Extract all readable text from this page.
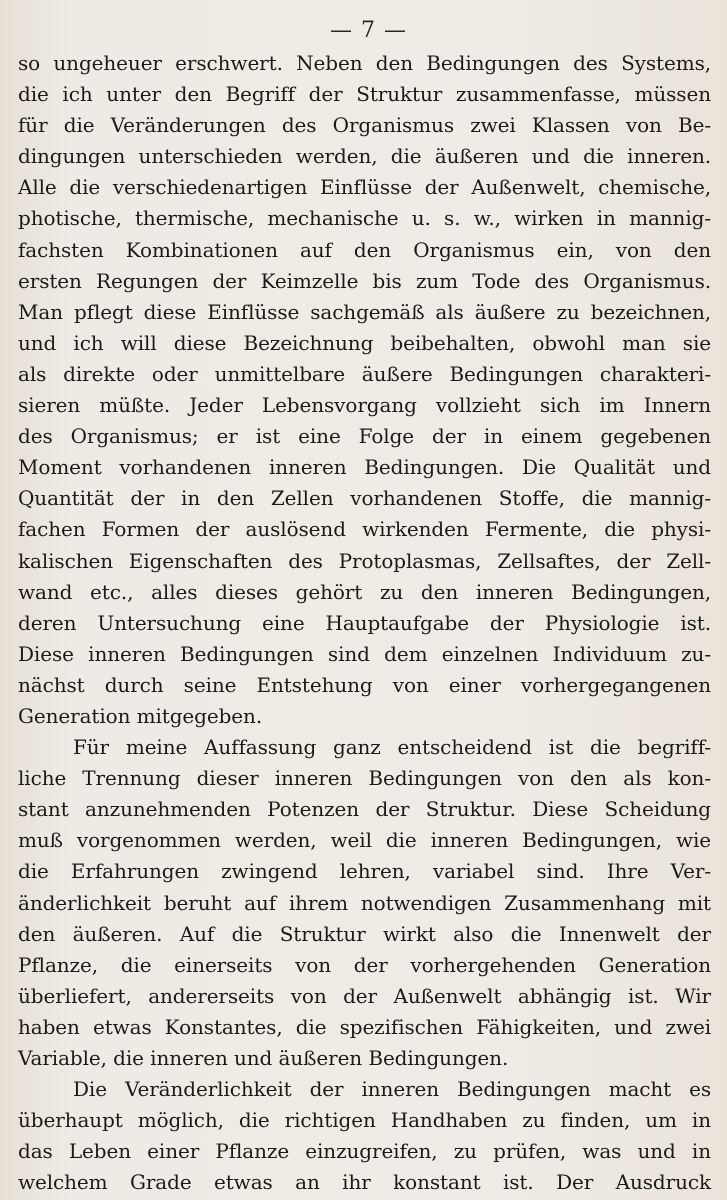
— 7 —
so ungeheuer erschwert. Neben den Bedingungen des Systems,
die ich unter den Begriff der Struktur zusammenfasse, müssen
für die Veränderungen des Organismus zwei Klassen von Be-
dingungen unterschieden werden, die äußeren und die inneren.
Alle die verschiedenartigen Einflüsse der Außenwelt, chemische,
photische, thermische, mechanische u. s. w., wirken in mannig-
fachsten Kombinationen auf den Organismus ein, von den
ersten Regungen der Keimzelle bis zum Tode des Organismus.
Man pflegt diese Einflüsse sachgemäß als äußere zu bezeichnen,
und ich will diese Bezeichnung beibehalten, obwohl man sie
als direkte oder unmittelbare äußere Bedingungen charakteri-
sieren müßte. Jeder Lebensvorgang vollzieht sich im Innern
des Organismus; er ist eine Folge der in einem gegebenen
Moment vorhandenen inneren Bedingungen. Die Qualität und
Quantität der in den Zellen vorhandenen Stoffe, die mannig-
fachen Formen der auslösend wirkenden Fermente, die physi-
kalischen Eigenschaften des Protoplasmas, Zellsaftes, der Zell-
wand etc., alles dieses gehört zu den inneren Bedingungen,
deren Untersuchung eine Hauptaufgabe der Physiologie ist.
Diese inneren Bedingungen sind dem einzelnen Individuum zu-
nächst durch seine Entstehung von einer vorhergegangenen
Generation mitgegeben.
Für meine Auffassung ganz entscheidend ist die begriff-
liche Trennung dieser inneren Bedingungen von den als kon-
stant anzunehmenden Potenzen der Struktur. Diese Scheidung
muß vorgenommen werden, weil die inneren Bedingungen, wie
die Erfahrungen zwingend lehren, variabel sind. Ihre Ver-
änderlichkeit beruht auf ihrem notwendigen Zusammenhang mit
den äußeren. Auf die Struktur wirkt also die Innenwelt der
Pflanze, die einerseits von der vorhergehenden Generation
überliefert, andererseits von der Außenwelt abhängig ist. Wir
haben etwas Konstantes, die spezifischen Fähigkeiten, und zwei
Variable, die inneren und äußeren Bedingungen.
Die Veränderlichkeit der inneren Bedingungen macht es
überhaupt möglich, die richtigen Handhaben zu finden, um in
das Leben einer Pflanze einzugreifen, zu prüfen, was und in
welchem Grade etwas an ihr konstant ist. Der Ausdruck
